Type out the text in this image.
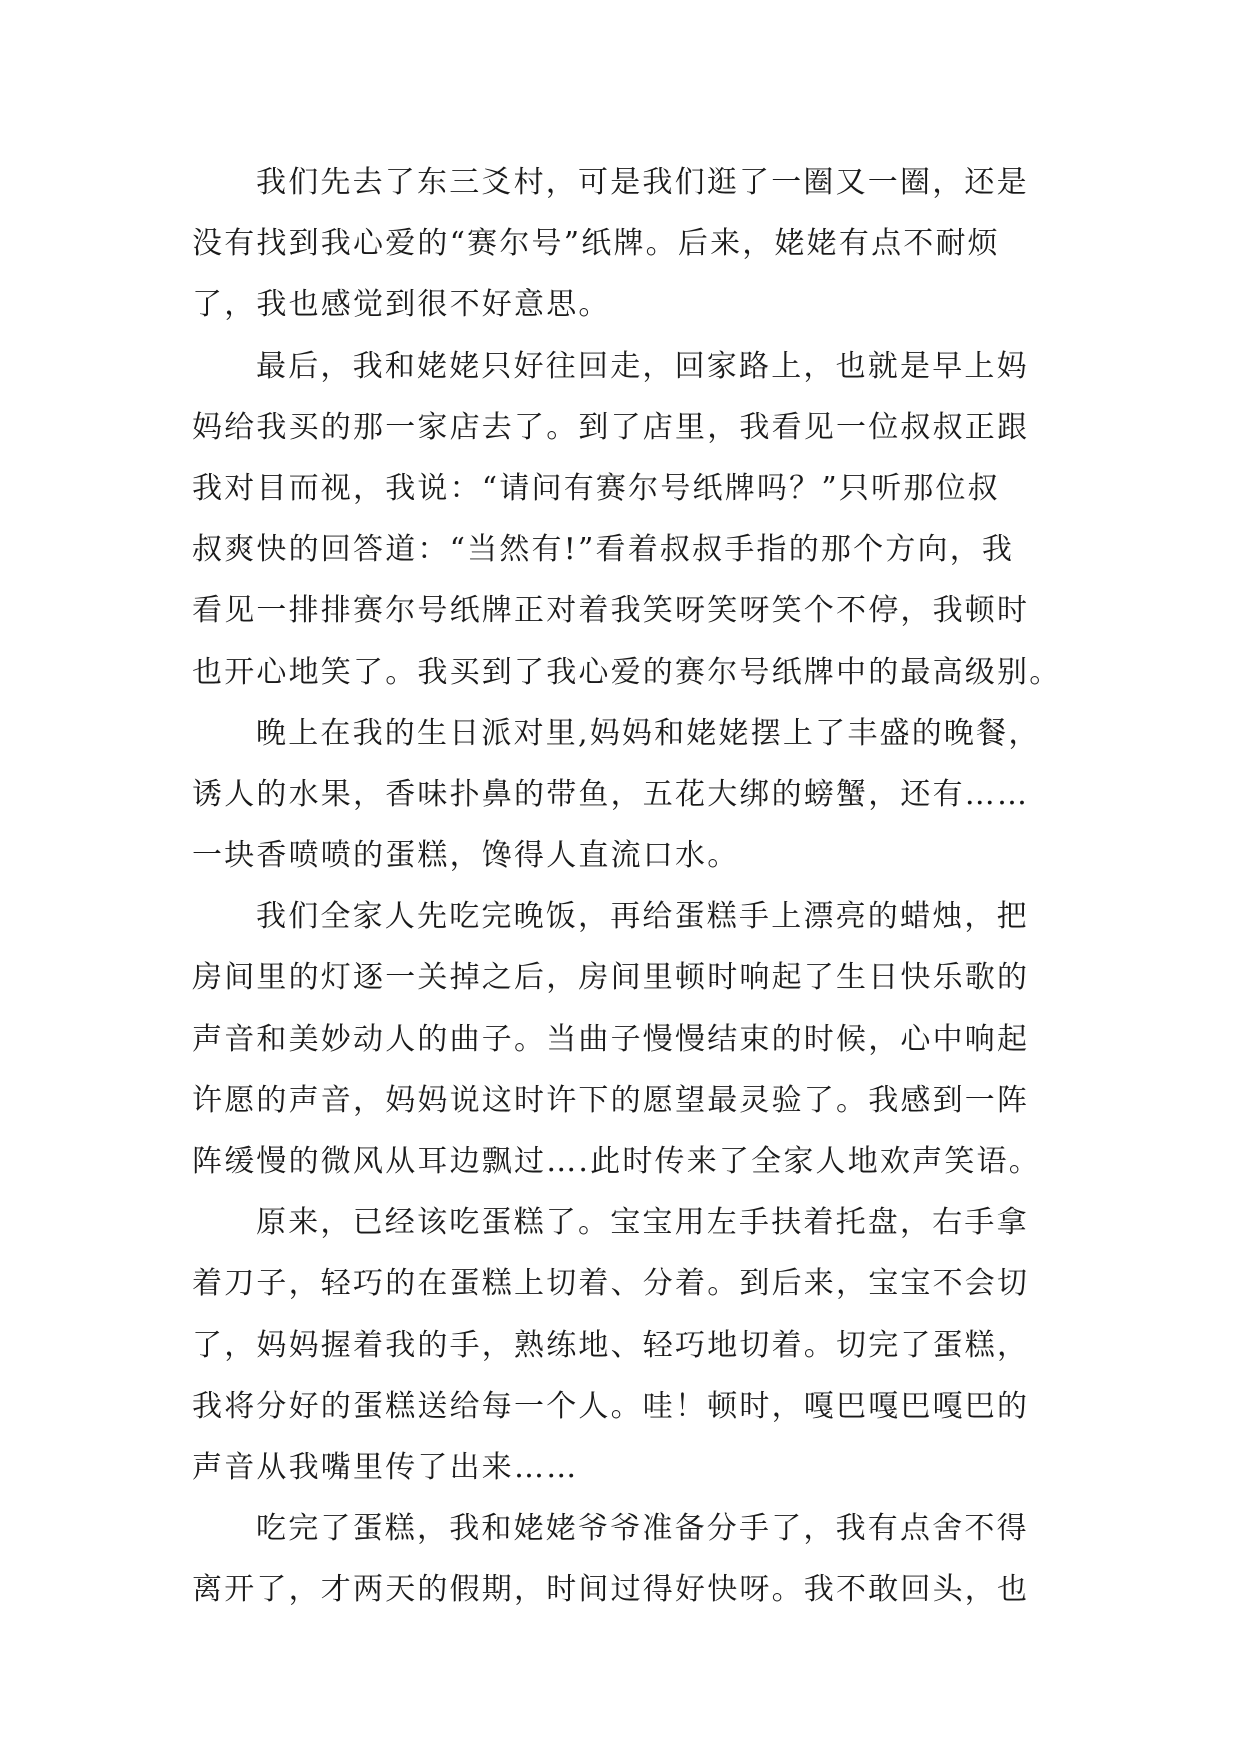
我们先去了东三爻村，可是我们逛了一圈又一圈，还是
没有找到我心爱的“赛尔号”纸牌。后来，姥姥有点不耐烦
了，我也感觉到很不好意思。
最后，我和姥姥只好往回走，回家路上，也就是早上妈
妈给我买的那一家店去了。到了店里，我看见一位叔叔正跟
我对目而视，我说：“请问有赛尔号纸牌吗？”只听那位叔
叔爽快的回答道：“当然有!”看着叔叔手指的那个方向，我
看见一排排赛尔号纸牌正对着我笑呀笑呀笑个不停，我顿时
也开心地笑了。我买到了我心爱的赛尔号纸牌中的最高级别。
晚上在我的生日派对里,妈妈和姥姥摆上了丰盛的晚餐，
诱人的水果，香味扑鼻的带鱼，五花大绑的螃蟹，还有……
一块香喷喷的蛋糕，馋得人直流口水。
我们全家人先吃完晚饭，再给蛋糕手上漂亮的蜡烛，把
房间里的灯逐一关掉之后，房间里顿时响起了生日快乐歌的
声音和美妙动人的曲子。当曲子慢慢结束的时候，心中响起
许愿的声音，妈妈说这时许下的愿望最灵验了。我感到一阵
阵缓慢的微风从耳边飘过….此时传来了全家人地欢声笑语。
原来，已经该吃蛋糕了。宝宝用左手扶着托盘，右手拿
着刀子，轻巧的在蛋糕上切着、分着。到后来，宝宝不会切
了，妈妈握着我的手，熟练地、轻巧地切着。切完了蛋糕，
我将分好的蛋糕送给每一个人。哇！顿时，嘎巴嘎巴嘎巴的
声音从我嘴里传了出来……
吃完了蛋糕，我和姥姥爷爷准备分手了，我有点舍不得
离开了，才两天的假期，时间过得好快呀。我不敢回头，也
